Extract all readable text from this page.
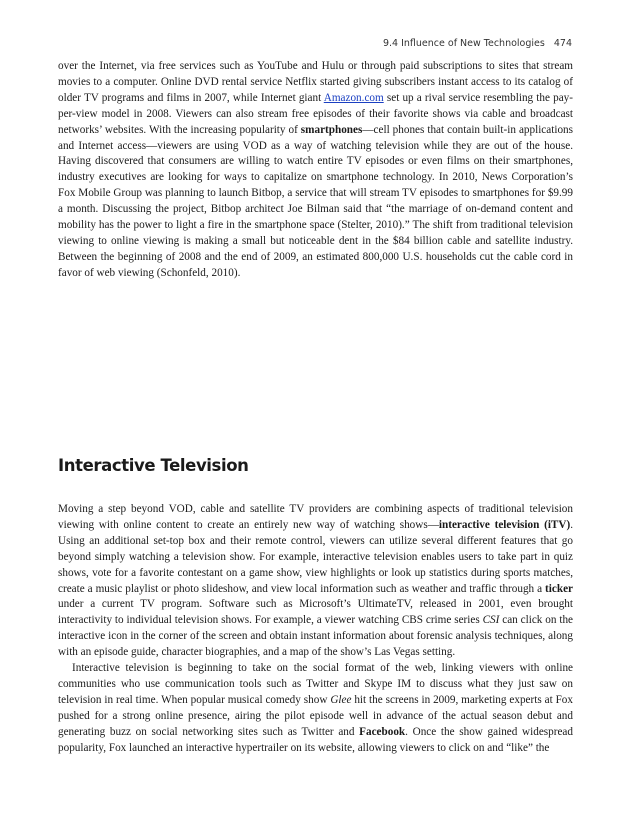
9.4 Influence of New Technologies 474

over the Internet, via free services such as YouTube and Hulu or through paid subscriptions to sites that stream movies to a computer. Online DVD rental service Netflix started giving subscribers instant access to its catalog of older TV programs and films in 2007, while Internet giant Amazon.com set up a rival service resembling the pay-per-view model in 2008. Viewers can also stream free episodes of their favorite shows via cable and broadcast networks’ websites. With the increasing popularity of smartphones—cell phones that contain built-in applications and Internet access—viewers are using VOD as a way of watching television while they are out of the house. Having discovered that consumers are willing to watch entire TV episodes or even films on their smartphones, industry executives are looking for ways to capitalize on smartphone technology. In 2010, News Corporation’s Fox Mobile Group was planning to launch Bitbop, a service that will stream TV episodes to smartphones for $9.99 a month. Discussing the project, Bitbop architect Joe Bilman said that “the marriage of on-demand content and mobility has the power to light a fire in the smartphone space (Stelter, 2010).” The shift from traditional television viewing to online viewing is making a small but noticeable dent in the $84 billion cable and satellite industry. Between the beginning of 2008 and the end of 2009, an estimated 800,000 U.S. households cut the cable cord in favor of web viewing (Schonfeld, 2010).

Interactive Television

Moving a step beyond VOD, cable and satellite TV providers are combining aspects of traditional television viewing with online content to create an entirely new way of watching shows—interactive television (iTV). Using an additional set-top box and their remote control, viewers can utilize several different features that go beyond simply watching a television show. For example, interactive television enables users to take part in quiz shows, vote for a favorite contestant on a game show, view highlights or look up statistics during sports matches, create a music playlist or photo slideshow, and view local information such as weather and traffic through a ticker under a current TV program. Software such as Microsoft’s UltimateTV, released in 2001, even brought interactivity to individual television shows. For example, a viewer watching CBS crime series CSI can click on the interactive icon in the corner of the screen and obtain instant information about forensic analysis techniques, along with an episode guide, character biographies, and a map of the show’s Las Vegas setting.

Interactive television is beginning to take on the social format of the web, linking viewers with online communities who use communication tools such as Twitter and Skype IM to discuss what they just saw on television in real time. When popular musical comedy show Glee hit the screens in 2009, marketing experts at Fox pushed for a strong online presence, airing the pilot episode well in advance of the actual season debut and generating buzz on social networking sites such as Twitter and Facebook. Once the show gained widespread popularity, Fox launched an interactive hypertrailer on its website, allowing viewers to click on and “like” the
